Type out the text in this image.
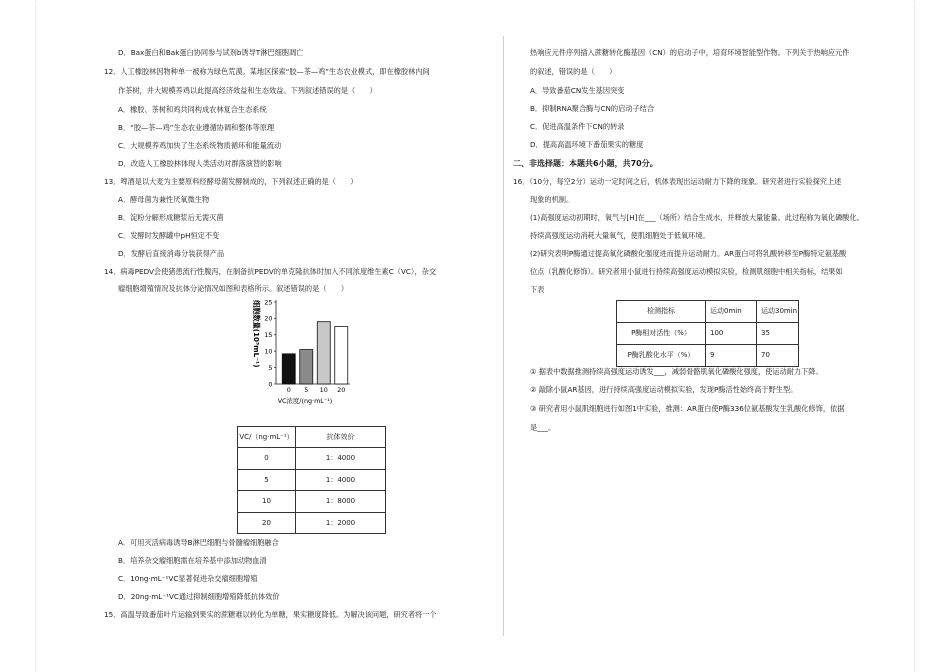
D．Bax蛋白和Bak蛋白协同参与试剂b诱导T淋巴细胞凋亡
12．人工橡胶林因物种单一被称为绿色荒漠。某地区探索“胶—茶—鸡”生态农业模式，即在橡胶林内间
作茶树，并大规模养鸡以此提高经济效益和生态效益。下列叙述错误的是（　　）
A．橡胶、茶树和鸡共同构成农林复合生态系统
B．“胶—茶—鸡”生态农业遵循协调和整体等原理
C．大规模养鸡加快了生态系统物质循环和能量流动
D．改造人工橡胶林体现人类活动对群落演替的影响
13．啤酒是以大麦为主要原料经酵母菌发酵制成的，下列叙述正确的是（　　）
A．酵母菌为兼性厌氧微生物
B．淀粉分解形成糖浆后无需灭菌
C．发酵时发酵罐中pH恒定不变
D．发酵后直接消毒分装获得产品
14．病毒PEDV会使猪患流行性腹泻，在制备抗PEDV的单克隆抗体时加入不同浓度维生素C（VC），杂交
瘤细胞增殖情况及抗体分泌情况如图和表格所示。叙述错误的是（　　）
0
5
10
15
20
25
0 5 10 20
细胞数量(10⁵mL⁻¹)
VC浓度/(ng·mL⁻¹)
VC/（ng·mL⁻¹）	抗体效价
0	1：4000
5	1：4000
10	1：8000
20	1：2000
A．可用灭活病毒诱导B淋巴细胞与骨髓瘤细胞融合
B．培养杂交瘤细胞需在培养基中添加动物血清
C．10ng·mL⁻¹VC显著促进杂交瘤细胞增殖
D．20ng·mL⁻¹VC通过抑制细胞增殖降低抗体效价
15．高温导致番茄叶片运输到果实的蔗糖难以转化为单糖，果实糖度降低。为解决该问题，研究者将一个
热响应元件序列插入蔗糖转化酶基因（CN）的启动子中，培育环境智能型作物。下列关于热响应元件
的叙述，错误的是（　　）
A．导致番茄CN发生基因突变
B．抑制RNA聚合酶与CN的启动子结合
C．促进高温条件下CN的转录
D．提高高温环境下番茄果实的糖度
二、非选择题：本题共6小题，共70分。
16．（10分，每空2分）运动一定时间之后，机体表现出运动耐力下降的现象。研究者进行实验探究上述
现象的机制。
(1)高强度运动初期时，氧气与[H]在___（场所）结合生成水，并释放大量能量。此过程称为氧化磷酸化。
持续高强度运动消耗大量氧气，使肌细胞处于低氧环境。
(2)研究表明P酶通过提高氧化磷酸化强度进而提升运动耐力。AR蛋白可将乳酸转移至P酶特定氨基酸
位点（乳酸化修饰）。研究者用小鼠进行持续高强度运动模拟实验，检测肌细胞中相关指标，结果如
下表
① 据表中数据推测持续高强度运动诱发___，减弱骨骼肌氧化磷酸化强度，使运动耐力下降。
② 敲除小鼠AR基因，进行持续高强度运动模拟实验，发现P酶活性始终高于野生型。
③ 研究者用小鼠肌细胞进行如图1中实验，推测：AR蛋白使P酶336位氨基酸发生乳酸化修饰，依据
是___。
检测指标	运动0min	运动30min
P酶相对活性（%）	100	35
P酶乳酸化水平（%）	9	70
